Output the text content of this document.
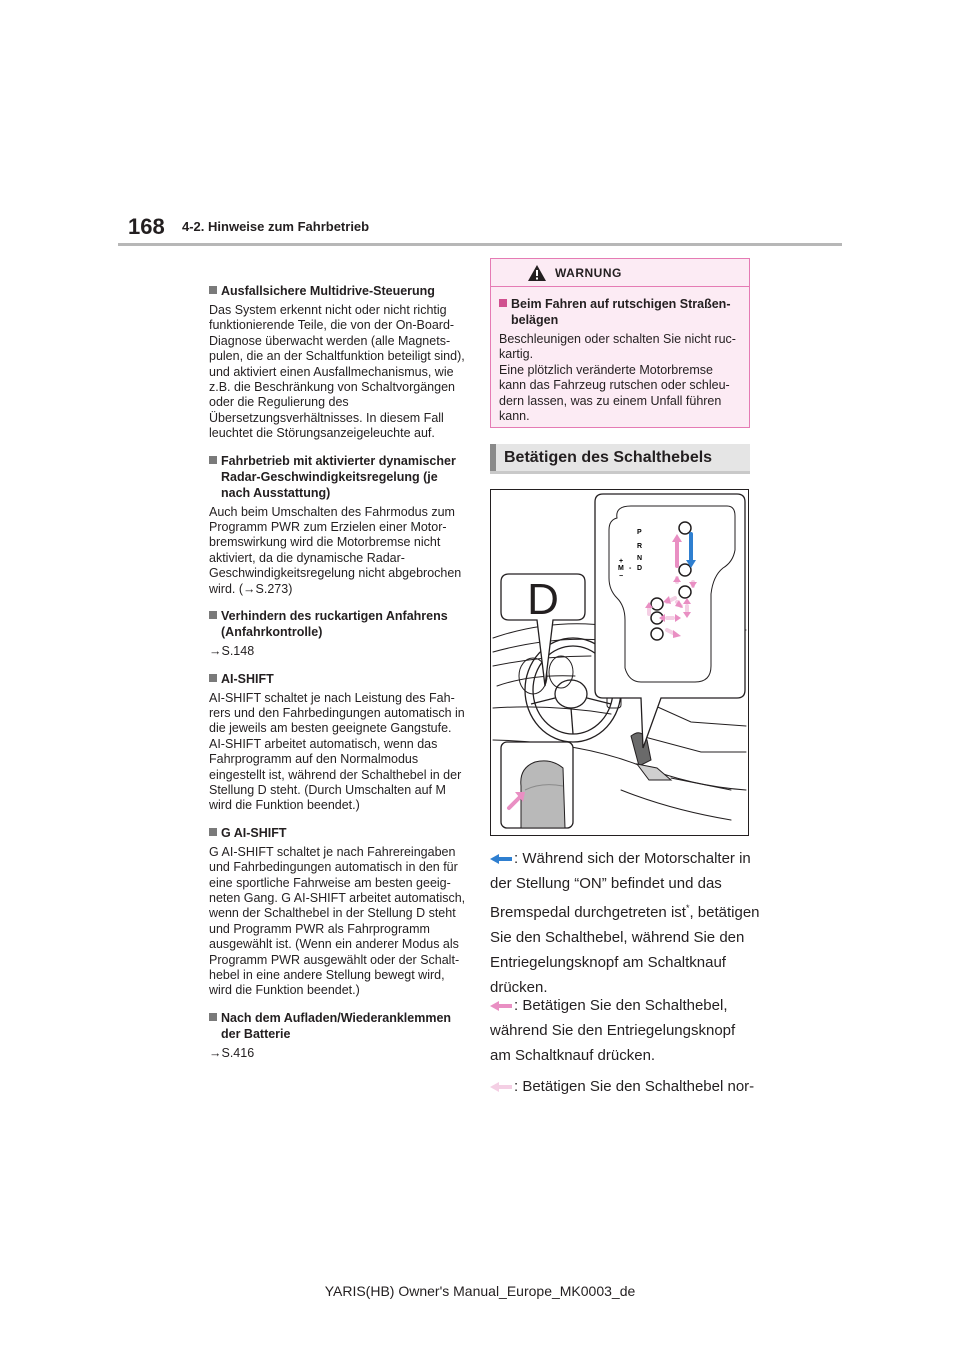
168 4-2. Hinweise zum Fahrbetrieb
Ausfallsichere Multidrive-Steuerung
Das System erkennt nicht oder nicht richtig funktionierende Teile, die von der On-Board-Diagnose überwacht werden (alle Magnetspulen, die an der Schaltfunktion beteiligt sind), und aktiviert einen Ausfallmechanismus, wie z.B. die Beschränkung von Schaltvorgängen oder die Regulierung des Übersetzungsverhältnisses. In diesem Fall leuchtet die Störungsanzeigeleuchte auf.
Fahrbetrieb mit aktivierter dynamischer Radar-Geschwindigkeitsregelung (je nach Ausstattung)
Auch beim Umschalten des Fahrmodus zum Programm PWR zum Erzielen einer Motorbremswirkung wird die Motorbremse nicht aktiviert, da die dynamische Radar-Geschwindigkeitsregelung nicht abgebrochen wird. (→S.273)
Verhindern des ruckartigen Anfahrens (Anfahrkontrolle)
→S.148
AI-SHIFT
AI-SHIFT schaltet je nach Leistung des Fahrers und den Fahrbedingungen automatisch in die jeweils am besten geeignete Gangstufe. AI-SHIFT arbeitet automatisch, wenn das Fahrprogramm auf den Normalmodus eingestellt ist, während der Schalthebel in der Stellung D steht. (Durch Umschalten auf M wird die Funktion beendet.)
G AI-SHIFT
G AI-SHIFT schaltet je nach Fahrereingaben und Fahrbedingungen automatisch in den für eine sportliche Fahrweise am besten geeigneten Gang. G AI-SHIFT arbeitet automatisch, wenn der Schalthebel in der Stellung D steht und Programm PWR als Fahrprogramm ausgewählt ist. (Wenn ein anderer Modus als Programm PWR ausgewählt oder der Schalthebel in eine andere Stellung bewegt wird, wird die Funktion beendet.)
Nach dem Aufladen/Wiederanklemmen der Batterie
→S.416
WARNUNG
Beim Fahren auf rutschigen Straßenbelägen
Beschleunigen oder schalten Sie nicht ruckartig.
Eine plötzlich veränderte Motorbremse kann das Fahrzeug rutschen oder schleudern lassen, was zu einem Unfall führen kann.
Betätigen des Schalthebels
D
P
R
N
D
+
M -
−
: Während sich der Motorschalter in der Stellung “ON” befindet und das Bremspedal durchgetreten ist*, betätigen Sie den Schalthebel, während Sie den Entriegelungsknopf am Schaltknauf drücken.
: Betätigen Sie den Schalthebel, während Sie den Entriegelungsknopf am Schaltknauf drücken.
: Betätigen Sie den Schalthebel nor-
YARIS(HB) Owner's Manual_Europe_MK0003_de
